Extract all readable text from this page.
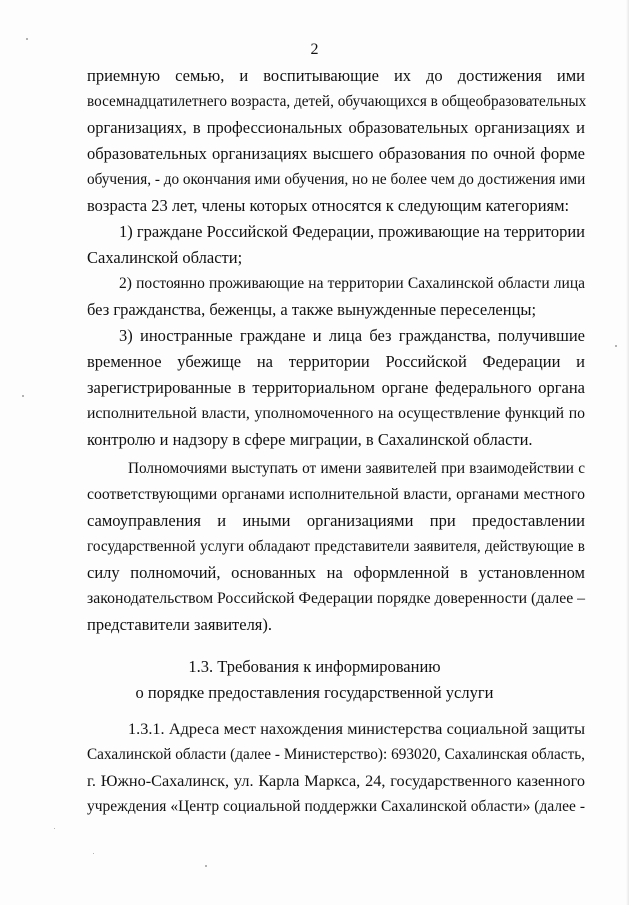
2
приемную семью, и воспитывающие их до достижения ими
восемнадцатилетнего возраста, детей, обучающихся в общеобразовательных
организациях, в профессиональных образовательных организациях и
образовательных организациях высшего образования по очной форме
обучения, - до окончания ими обучения, но не более чем до достижения ими
возраста 23 лет, члены которых относятся к следующим категориям:
1) граждане Российской Федерации, проживающие на территории
Сахалинской области;
2) постоянно проживающие на территории Сахалинской области лица
без гражданства, беженцы, а также вынужденные переселенцы;
3) иностранные граждане и лица без гражданства, получившие
временное убежище на территории Российской Федерации и
зарегистрированные в территориальном органе федерального органа
исполнительной власти, уполномоченного на осуществление функций по
контролю и надзору в сфере миграции, в Сахалинской области.
Полномочиями выступать от имени заявителей при взаимодействии с
соответствующими органами исполнительной власти, органами местного
самоуправления и иными организациями при предоставлении
государственной услуги обладают представители заявителя, действующие в
силу полномочий, основанных на оформленной в установленном
законодательством Российской Федерации порядке доверенности (далее –
представители заявителя).
1.3. Требования к информированию
о порядке предоставления государственной услуги
1.3.1. Адреса мест нахождения министерства социальной защиты
Сахалинской области (далее - Министерство): 693020, Сахалинская область,
г. Южно-Сахалинск, ул. Карла Маркса, 24, государственного казенного
учреждения «Центр социальной поддержки Сахалинской области» (далее -
